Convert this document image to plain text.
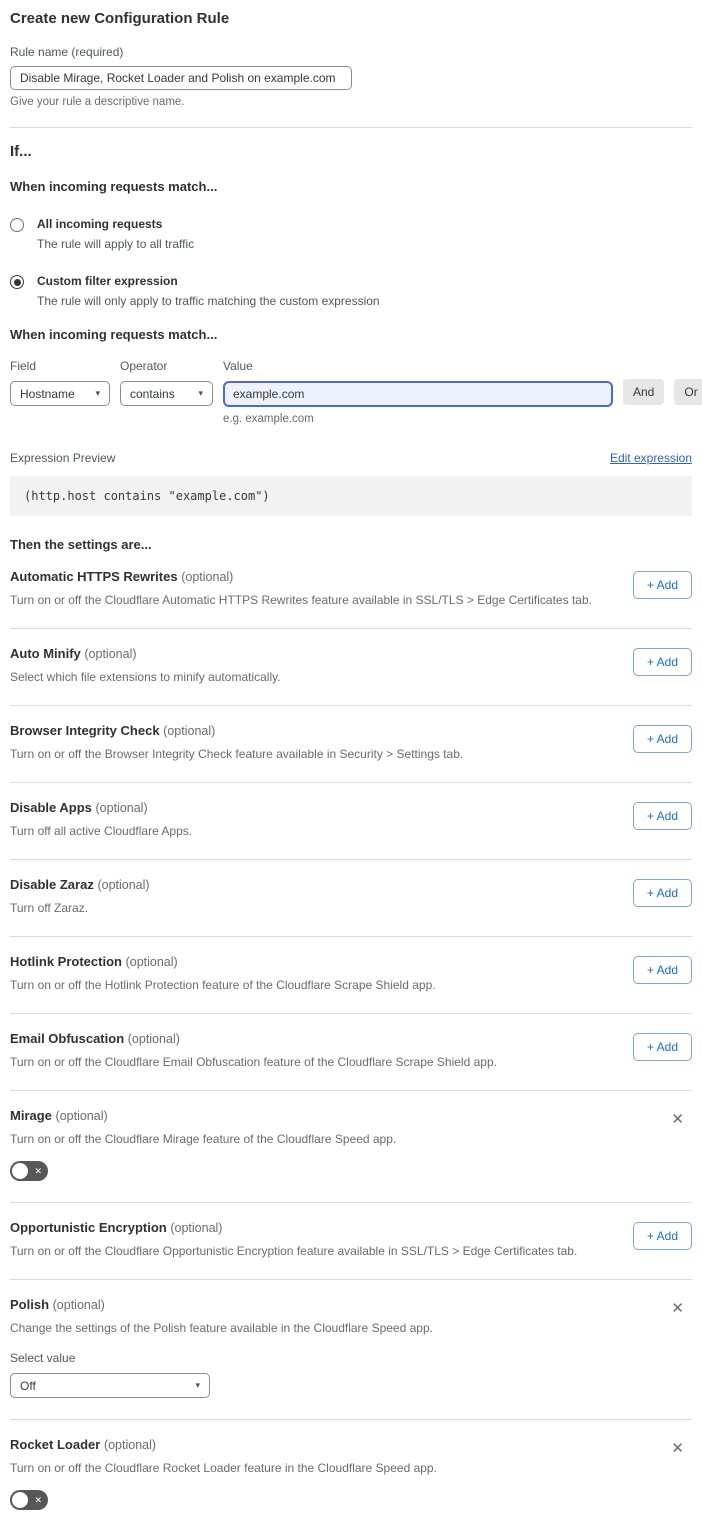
Create new Configuration Rule
Rule name (required)
Disable Mirage, Rocket Loader and Polish on example.com
Give your rule a descriptive name.
If...
When incoming requests match...
All incoming requests
The rule will apply to all traffic
Custom filter expression
The rule will only apply to traffic matching the custom expression
When incoming requests match...
Field
Hostname ▾
Operator
contains	▾
Value
example.com
e.g. example.com
And	Or
Expression Preview	Edit expression
(http.host contains "example.com")
Then the settings are...
Automatic HTTPS Rewrites (optional)
Turn on or off the Cloudflare Automatic HTTPS Rewrites feature available in SSL/TLS > Edge Certificates tab.
+ Add
Auto Minify (optional)
Select which file extensions to minify automatically.
+ Add
Browser Integrity Check (optional)
Turn on or off the Browser Integrity Check feature available in Security > Settings tab.
+ Add
Disable Apps (optional)
Turn off all active Cloudflare Apps.
+ Add
Disable Zaraz (optional)
Turn off Zaraz.
+ Add
Hotlink Protection (optional)
Turn on or off the Hotlink Protection feature of the Cloudflare Scrape Shield app.
+ Add
Email Obfuscation (optional)
Turn on or off the Cloudflare Email Obfuscation feature of the Cloudflare Scrape Shield app.
+ Add
Mirage (optional)
Turn on or off the Cloudflare Mirage feature of the Cloudflare Speed app.
✕
✕
Opportunistic Encryption (optional)
Turn on or off the Cloudflare Opportunistic Encryption feature available in SSL/TLS > Edge Certificates tab.
+ Add
Polish (optional)
Change the settings of the Polish feature available in the Cloudflare Speed app.
Select value
Off	▾
✕
Rocket Loader (optional)
Turn on or off the Cloudflare Rocket Loader feature in the Cloudflare Speed app.
✕
✕
